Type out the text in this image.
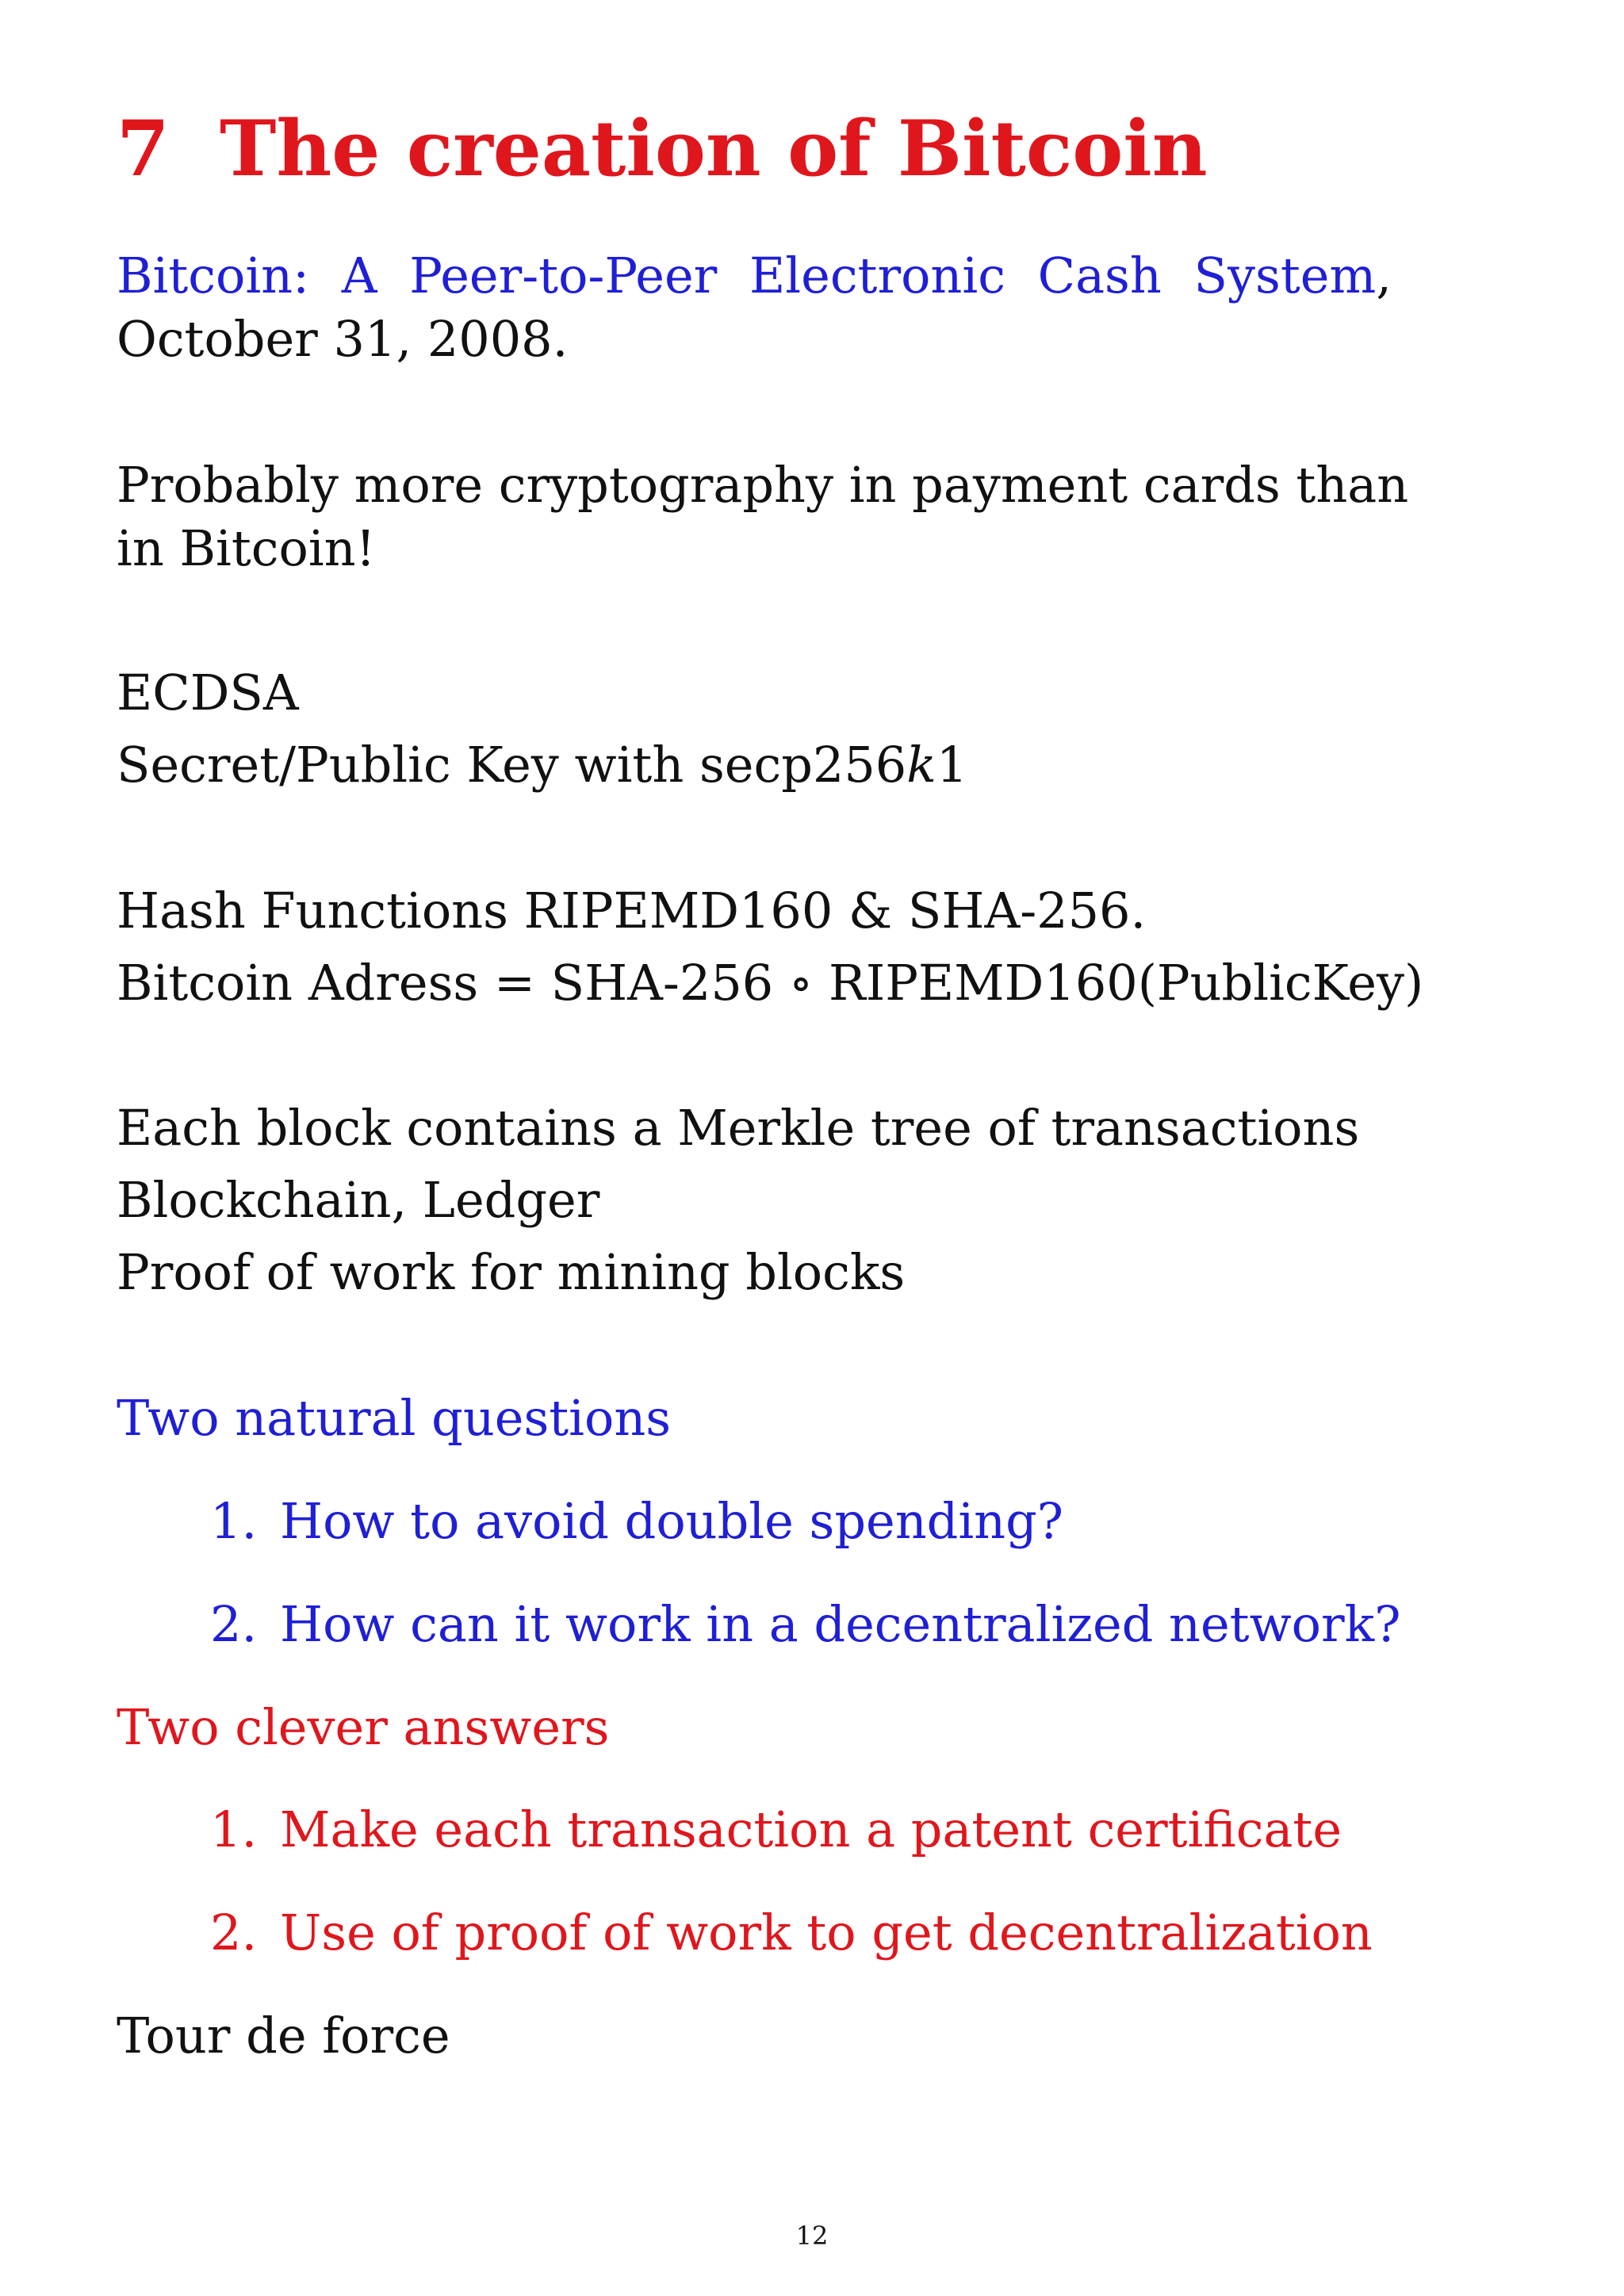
7 The creation of Bitcoin

Bitcoin: A Peer-to-Peer Electronic Cash System,

October 31, 2008.

Probably more cryptography in payment cards than

in Bitcoin!

ECDSA

Secret/Public Key with secp256k1

Hash Functions RIPEMD160 & SHA-256.

Bitcoin Adress = SHA-256 ∘ RIPEMD160(PublicKey)

Each block contains a Merkle tree of transactions

Blockchain, Ledger

Proof of work for mining blocks

Two natural questions

1. How to avoid double spending?

2. How can it work in a decentralized network?

Two clever answers

1. Make each transaction a patent certificate

2. Use of proof of work to get decentralization

Tour de force

12
